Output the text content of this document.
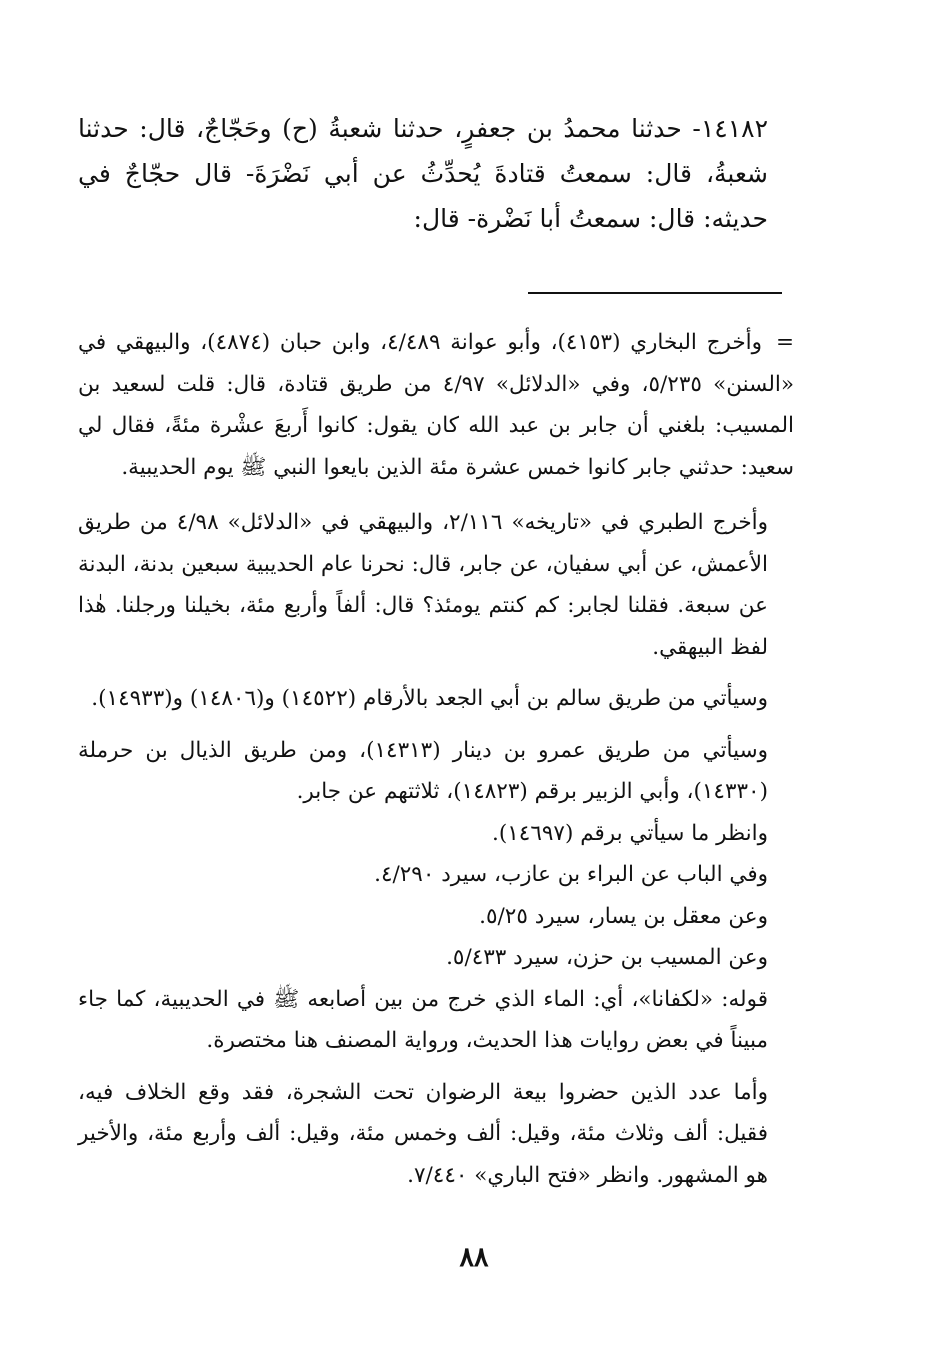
١٤١٨٢- حدثنا محمدُ بن جعفرٍ، حدثنا شعبةُ (ح) وحَجّاجٌ، قال: حدثنا شعبةُ، قال: سمعتُ قتادةَ يُحدِّثُ عن أبي نَضْرَةَ- قال حجّاجٌ في حديثه: قال: سمعتُ أبا نَضْرة- قال:

=وأخرج البخاري (٤١٥٣)، وأبو عوانة ٤/٤٨٩، وابن حبان (٤٨٧٤)، والبيهقي في «السنن» ٥/٢٣٥، وفي «الدلائل» ٤/٩٧ من طريق قتادة، قال: قلت لسعيد بن المسيب: بلغني أن جابر بن عبد الله كان يقول: كانوا أَربعَ عشْرة مئةً، فقال لي سعيد: حدثني جابر كانوا خمس عشرة مئة الذين بايعوا النبي ﷺ يوم الحديبية.

وأخرج الطبري في «تاريخه» ٢/١١٦، والبيهقي في «الدلائل» ٤/٩٨ من طريق الأعمش، عن أبي سفيان، عن جابر، قال: نحرنا عام الحديبية سبعين بدنة، البدنة عن سبعة. فقلنا لجابر: كم كنتم يومئذ؟ قال: ألفاً وأربع مئة، بخيلنا ورجلنا. هٰذا لفظ البيهقي.

وسيأتي من طريق سالم بن أبي الجعد بالأرقام (١٤٥٢٢) و(١٤٨٠٦) و(١٤٩٣٣).

وسيأتي من طريق عمرو بن دينار (١٤٣١٣)، ومن طريق الذيال بن حرملة (١٤٣٣٠)، وأبي الزبير برقم (١٤٨٢٣)، ثلاثتهم عن جابر.

وانظر ما سيأتي برقم (١٤٦٩٧).

وفي الباب عن البراء بن عازب، سيرد ٤/٢٩٠.

وعن معقل بن يسار، سيرد ٥/٢٥.

وعن المسيب بن حزن، سيرد ٥/٤٣٣.

قوله: «لكفانا»، أي: الماء الذي خرج من بين أصابعه ﷺ في الحديبية، كما جاء مبيناً في بعض روايات هذا الحديث، ورواية المصنف هنا مختصرة.

وأما عدد الذين حضروا بيعة الرضوان تحت الشجرة، فقد وقع الخلاف فيه، فقيل: ألف وثلاث مئة، وقيل: ألف وخمس مئة، وقيل: ألف وأربع مئة، والأخير هو المشهور. وانظر «فتح الباري» ٧/٤٤٠.

٨٨
